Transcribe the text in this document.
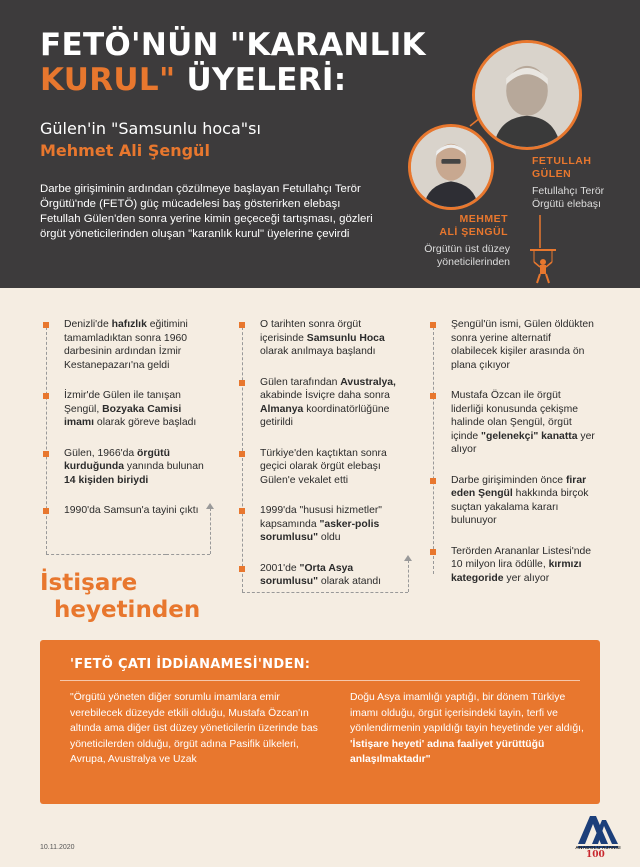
FETÖ'NÜN "KARANLIK
KURUL" ÜYELERİ:
Gülen'in "Samsunlu hoca"sı
Mehmet Ali Şengül
Darbe girişiminin ardından çözülmeye başlayan Fetullahçı Terör Örgütü'nde (FETÖ) güç mücadelesi baş gösterirken elebaşı Fetullah Gülen'den sonra yerine kimin geçeceği tartışması, gözleri örgüt yöneticilerinden oluşan "karanlık kurul" üyelerine çevirdi
FETULLAH
GÜLEN
Fetullahçı Terör
Örgütü elebaşı
MEHMET
ALİ ŞENGÜL
Örgütün üst düzey
yöneticilerinden
Denizli'de hafızlık eğitimini tamamladıktan sonra 1960 darbesinin ardından İzmir Kestanepazarı'na geldi
İzmir'de Gülen ile tanışan Şengül, Bozyaka Camisi imamı olarak göreve başladı
Gülen, 1966'da örgütü kurduğunda yanında bulunan 14 kişiden biriydi
1990'da Samsun'a tayini çıktı
O tarihten sonra örgüt içerisinde Samsunlu Hoca olarak anılmaya başlandı
Gülen tarafından Avustralya, akabinde İsviçre daha sonra Almanya koordinatörlüğüne getirildi
Türkiye'den kaçtıktan sonra geçici olarak örgüt elebaşı Gülen'e vekalet etti
1999'da "hususi hizmetler" kapsamında "asker-polis sorumlusu" oldu
2001'de "Orta Asya sorumlusu" olarak atandı
Şengül'ün ismi, Gülen öldükten sonra yerine alternatif olabilecek kişiler arasında ön plana çıkıyor
Mustafa Özcan ile örgüt liderliği konusunda çekişme halinde olan Şengül, örgüt içinde "gelenekçi" kanatta yer alıyor
Darbe girişiminden önce firar eden Şengül hakkında birçok suçtan yakalama kararı bulunuyor
Terörden Arananlar Listesi'nde 10 milyon lira ödülle, kırmızı kategoride yer alıyor
İstişare
heyetinden
'FETÖ ÇATI İDDİANAMESİ'NDEN:
"Örgütü yöneten diğer sorumlu imamlara emir verebilecek düzeyde etkili olduğu, Mustafa Özcan'ın altında ama diğer üst düzey yöneticilerin üzerinde bas yöneticilerden olduğu, örgüt adına Pasifik ülkeleri, Avrupa, Avustralya ve Uzak
Doğu Asya imamlığı yaptığı, bir dönem Türkiye imamı olduğu, örgüt içerisindeki tayin, terfi ve yönlendirmenin yapıldığı tayin heyetinde yer aldığı, 'İstişare heyeti' adına faaliyet yürüttüğü anlaşılmaktadır"
10.11.2020
100
ANADOLU AJANSI
